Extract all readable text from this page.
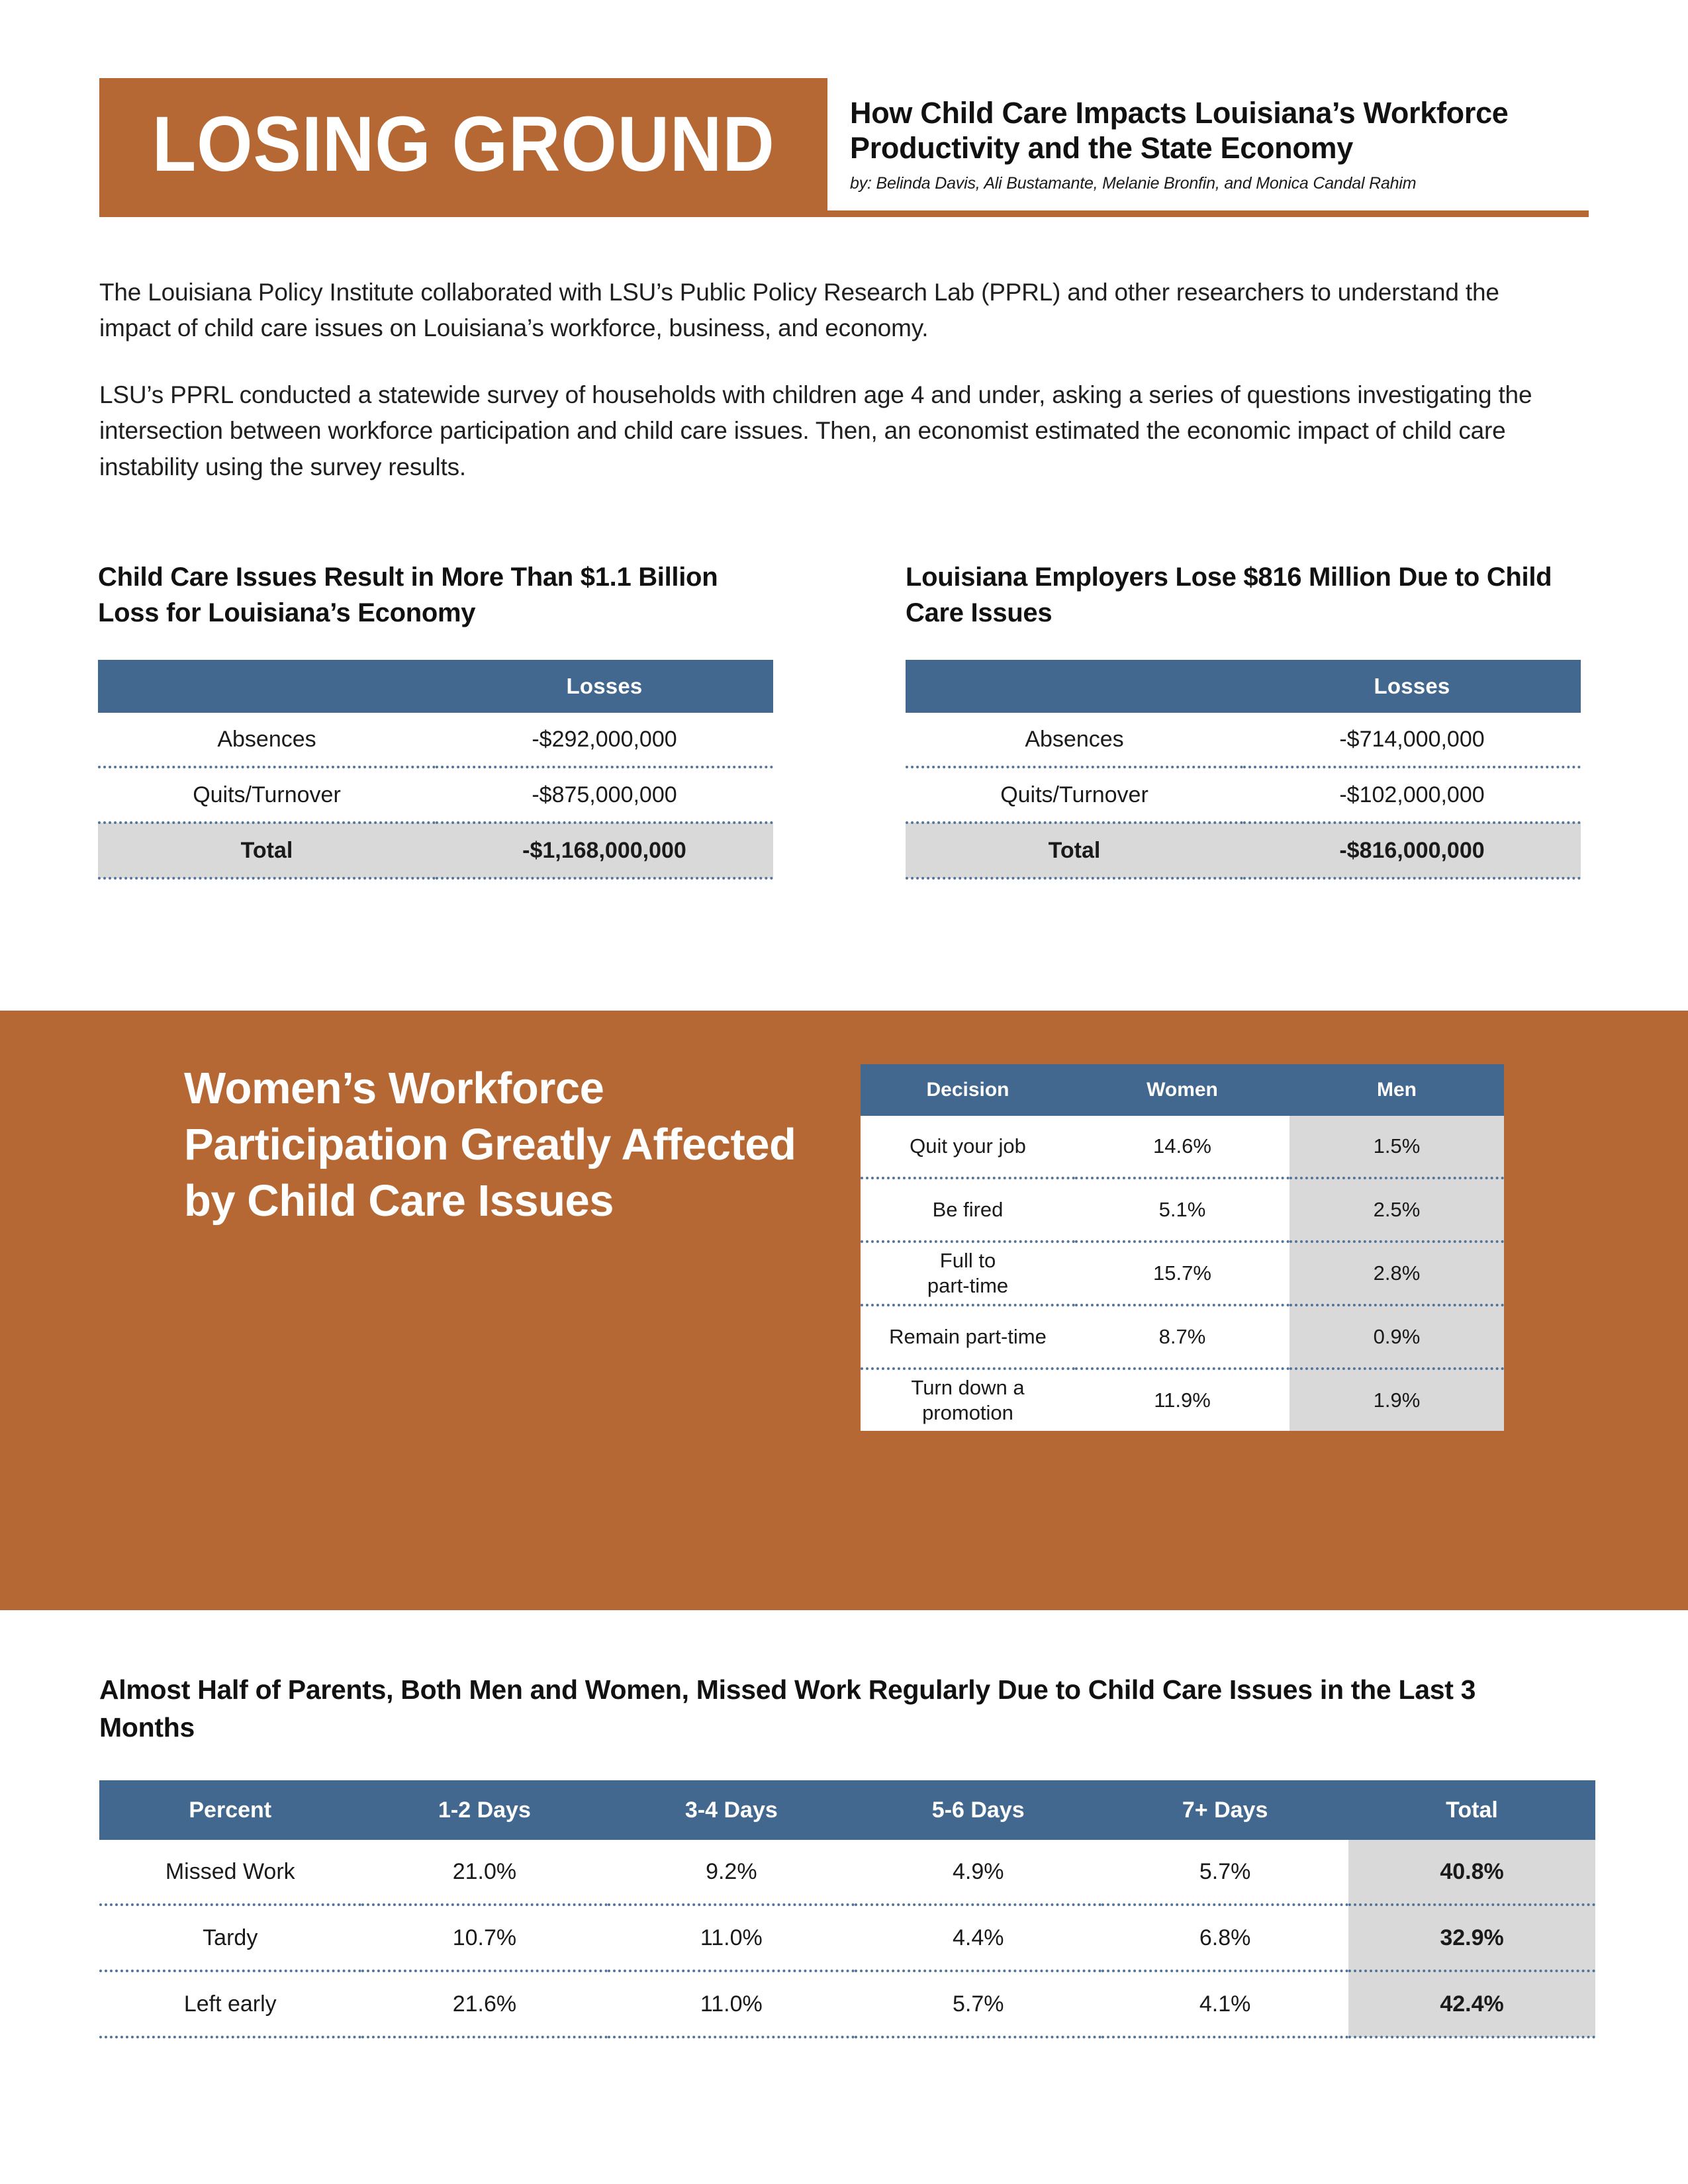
LOSING GROUND	How Child Care Impacts Louisiana’s Workforce Productivity and the State Economy
by: Belinda Davis, Ali Bustamante, Melanie Bronfin, and Monica Candal Rahim

The Louisiana Policy Institute collaborated with LSU’s Public Policy Research Lab (PPRL) and other researchers to understand the impact of child care issues on Louisiana’s workforce, business, and economy.

LSU’s PPRL conducted a statewide survey of households with children age 4 and under, asking a series of questions investigating the intersection between workforce participation and child care issues. Then, an economist estimated the economic impact of child care instability using the survey results.

Child Care Issues Result in More Than $1.1 Billion Loss for Louisiana’s Economy
	Losses
Absences	-$292,000,000
Quits/Turnover	-$875,000,000
Total	-$1,168,000,000
Louisiana Employers Lose $816 Million Due to Child Care Issues
	Losses
Absences	-$714,000,000
Quits/Turnover	-$102,000,000
Total	-$816,000,000
Women’s Workforce Participation Greatly Affected by Child Care Issues
Decision	Women	Men
Quit your job	14.6%	1.5%
Be fired	5.1%	2.5%
Full to
part-time	15.7%	2.8%
Remain part-time	8.7%	0.9%
Turn down a
promotion	11.9%	1.9%
Almost Half of Parents, Both Men and Women, Missed Work Regularly Due to Child Care Issues in the Last 3 Months
Percent	1-2 Days	3-4 Days	5-6 Days	7+ Days	Total
Missed Work	21.0%	9.2%	4.9%	5.7%	40.8%
Tardy	10.7%	11.0%	4.4%	6.8%	32.9%
Left early	21.6%	11.0%	5.7%	4.1%	42.4%
